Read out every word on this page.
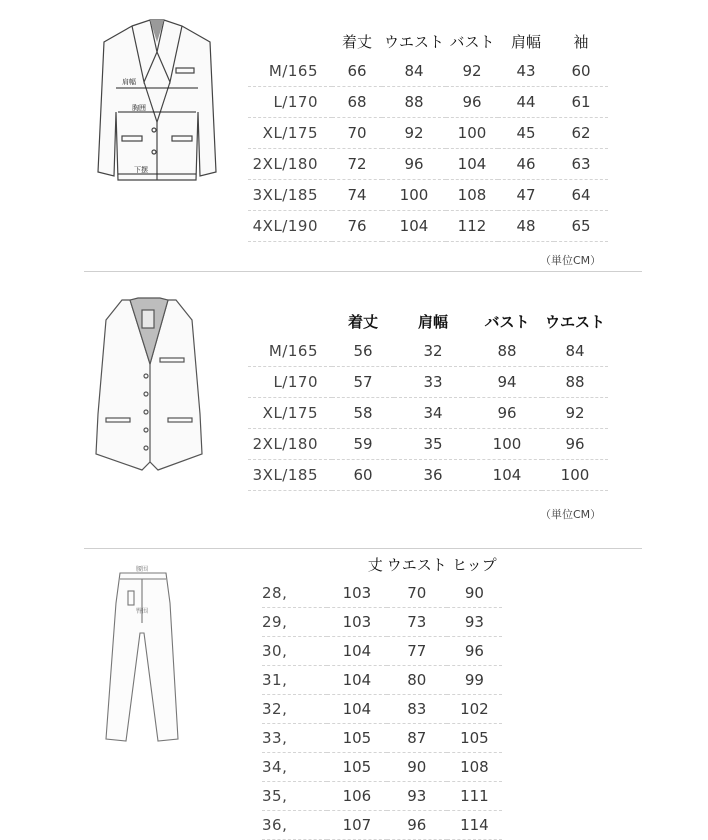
肩幅
胸囲
下摆
	着丈	ウエスト	バスト	肩幅	袖
M/165	66	84	92	43	60
L/170	68	88	96	44	61
XL/175	70	92	100	45	62
2XL/180	72	96	104	46	63
3XL/185	74	100	108	47	64
4XL/190	76	104	112	48	65
（単位CM）
	着丈	肩幅	バスト	ウエスト
M/165	56	32	88	84
L/170	57	33	94	88
XL/175	58	34	96	92
2XL/180	59	35	100	96
3XL/185	60	36	104	100
（単位CM）
腰围
臀围
	丈	ウエスト	ヒップ
28,	103	70	90
29,	103	73	93
30,	104	77	96
31,	104	80	99
32,	104	83	102
33,	105	87	105
34,	105	90	108
35,	106	93	111
36,	107	96	114
